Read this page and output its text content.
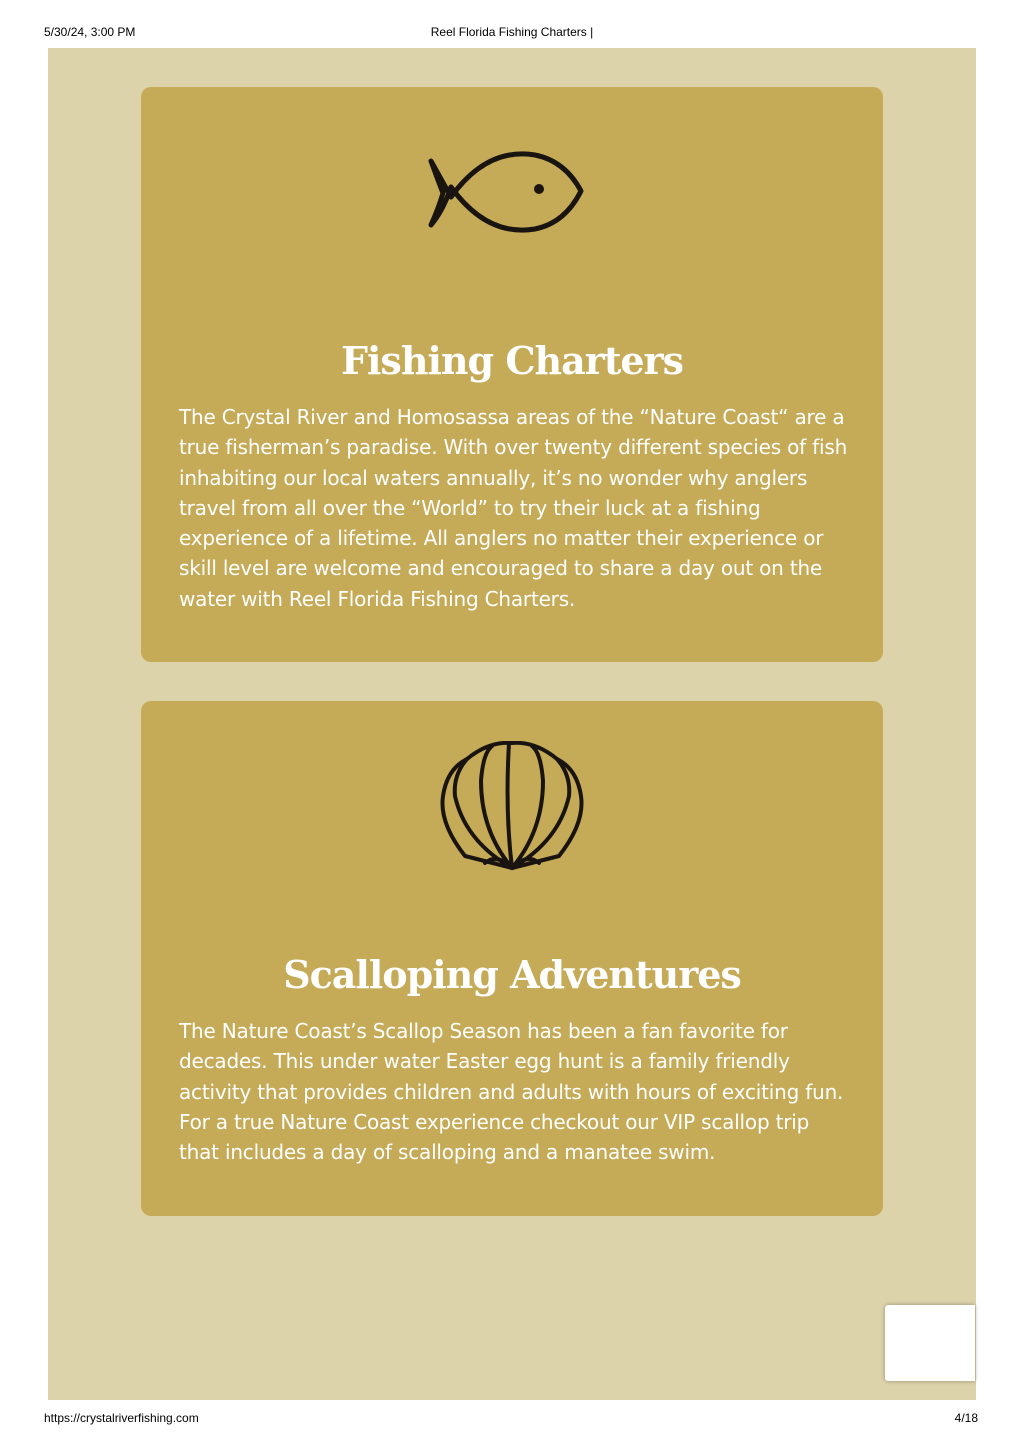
5/30/24, 3:00 PM	Reel Florida Fishing Charters |
Fishing Charters

The Crystal River and Homosassa areas of the “Nature Coast“ are a true fisherman’s paradise. With over twenty different species of fish inhabiting our local waters annually, it’s no wonder why anglers travel from all over the “World” to try their luck at a fishing experience of a lifetime. All anglers no matter their experience or skill level are welcome and encouraged to share a day out on the water with Reel Florida Fishing Charters.

Scalloping Adventures

The Nature Coast’s Scallop Season has been a fan favorite for decades. This under water Easter egg hunt is a family friendly activity that provides children and adults with hours of exciting fun. For a true Nature Coast experience checkout our VIP scallop trip that includes a day of scalloping and a manatee swim.

https://crystalriverfishing.com	4/18
